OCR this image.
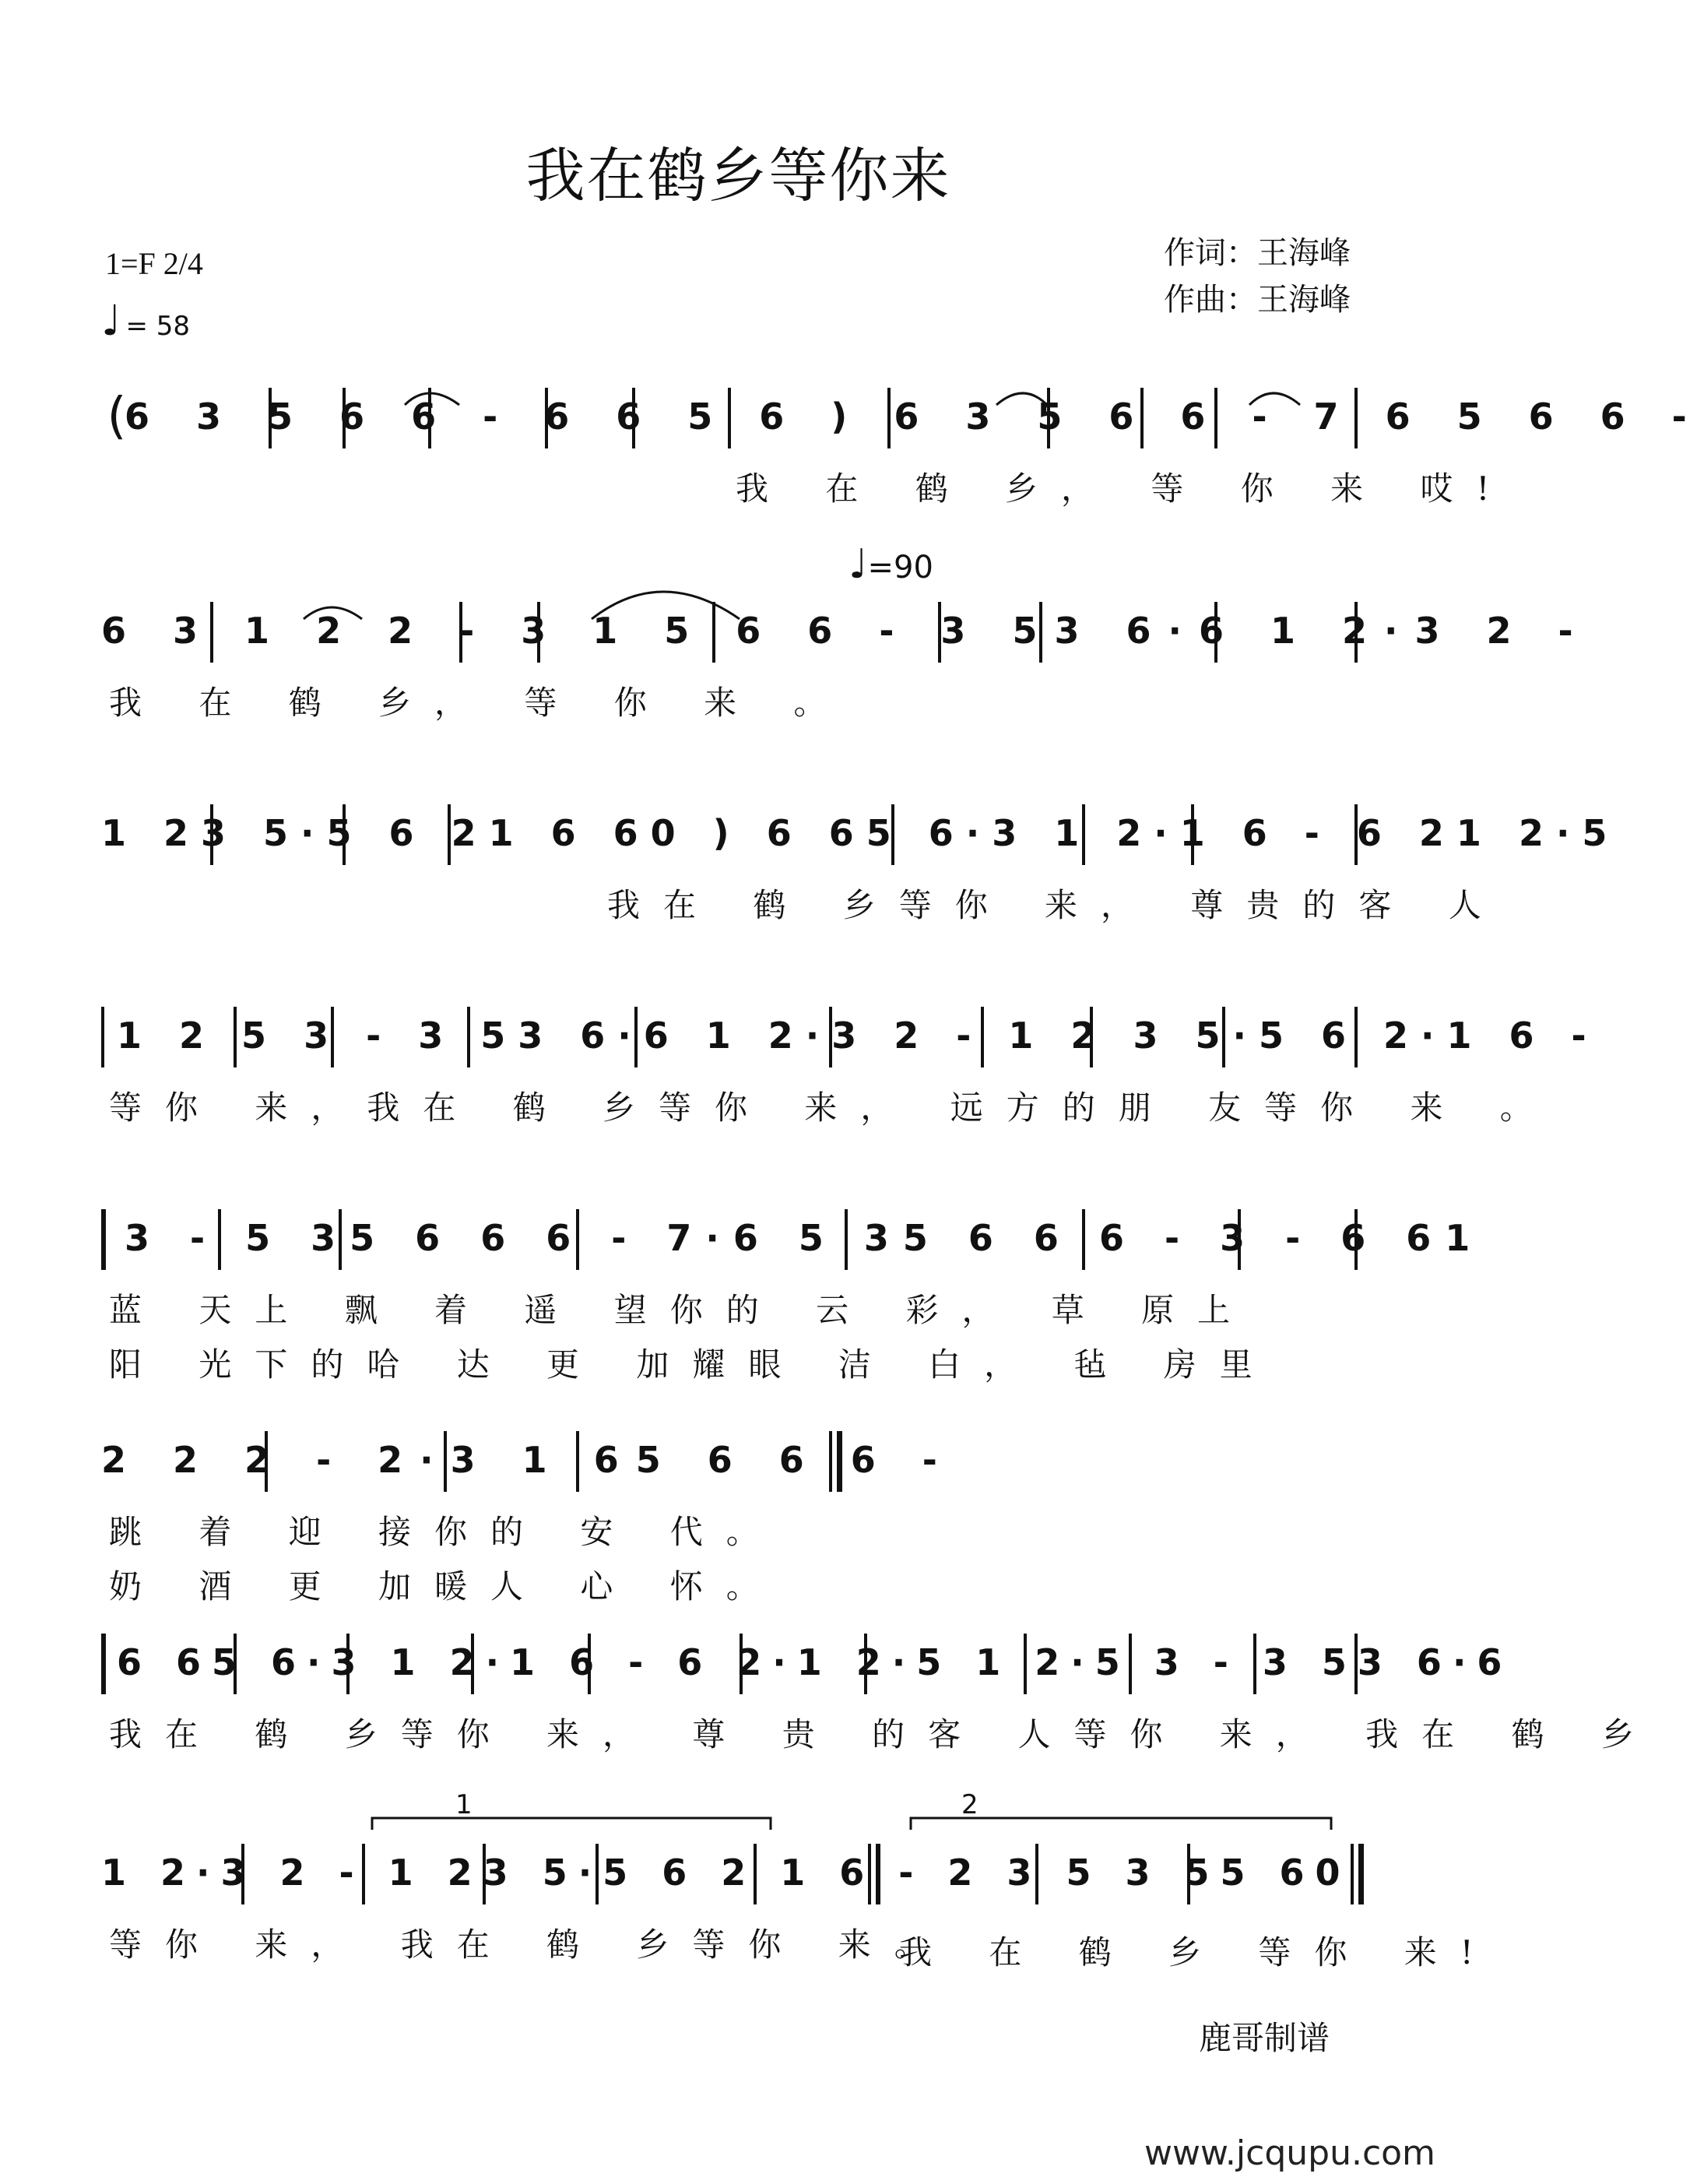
我在鹤乡等你来
1=F 2/4
♩ = 58
作词：王海峰
作曲：王海峰
(
6 3 5 6 6 - 6 6 5 6 ) 6 3 5 6 6 - 7 6 5 6 6 -
我 在 鹤 乡， 等 你 来 哎!
♩=90
6 3 1 2 2 - 3 1 5 6 6 - 3 53 6·6 1 2·3 2 -
我 在 鹤 乡， 等 你 来 。
1 23 5·5 6 21 6 60 ) 6 65 6·3 1 2·1 6 - 6 21 2·5
我在 鹤 乡等你 来， 尊贵的客 人
1 2 5 3 - 3 53 6·6 1 2·3 2 - 1 2 3 5·5 6 2·1 6 -
等你 来，我在 鹤 乡等你 来， 远方的朋 友等你 来 。
3 - 5 35 6 6 6 - 7·6 5 35 6 6 6 - 3 - 6 61
蓝 天上 飘 着 遥 望你的 云 彩， 草 原上
阳 光下的哈 达 更 加耀眼 洁 白， 毡 房里
2 2 2 - 2·3 1 65 6 6 6 -
跳 着 迎 接你的 安 代。
奶 酒 更 加暖人 心 怀。
6 65 6·3 1 2·1 6 - 6 2·1 2·5 1 2·5 3 - 3 53 6·6
我在 鹤 乡等你 来， 尊 贵 的客 人等你 来， 我在 鹤 乡
1	2
1 2·3 2 - 1 23 5·5 6 2 1 6 - 2 3 5 3 55 60
等你 来， 我在 鹤 乡等你 来。
我 在 鹤 乡 等你 来!
鹿哥制谱
www.jcqupu.com
